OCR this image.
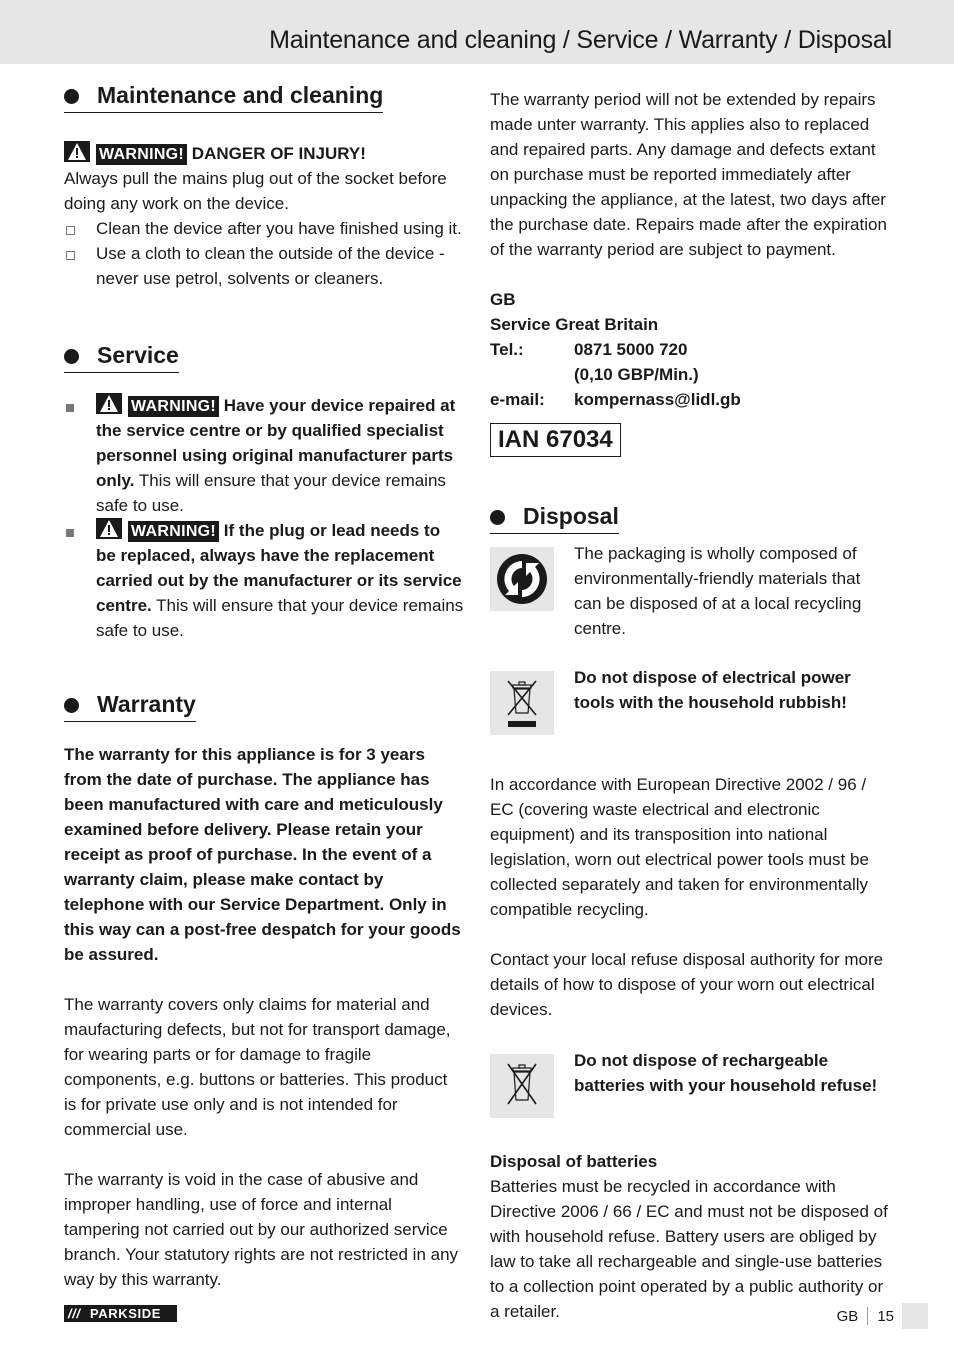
Maintenance and cleaning / Service / Warranty / Disposal
Maintenance and cleaning
WARNING! DANGER OF INJURY!

Always pull the mains plug out of the socket before doing any work on the device.

Clean the device after you have finished using it.
Use a cloth to clean the outside of the device - never use petrol, solvents or cleaners.
Service
WARNING! Have your device repaired at the service centre or by qualified specialist personnel using original manufacturer parts only. This will ensure that your device remains safe to use.
WARNING! If the plug or lead needs to be replaced, always have the replacement carried out by the manufacturer or its service centre. This will ensure that your device remains safe to use.
Warranty

The warranty for this appliance is for 3 years from the date of purchase. The appliance has been manufactured with care and meticulously examined before delivery. Please retain your receipt as proof of purchase. In the event of a warranty claim, please make contact by telephone with our Service Department. Only in this way can a post-free despatch for your goods be assured.

The warranty covers only claims for material and maufacturing defects, but not for transport damage, for wearing parts or for damage to fragile components, e.g. buttons or batteries. This product is for private use only and is not intended for commercial use.

The warranty is void in the case of abusive and improper handling, use of force and internal tampering not carried out by our authorized service branch. Your statutory rights are not restricted in any way by this warranty.

The warranty period will not be extended by repairs made unter warranty. This applies also to replaced and repaired parts. Any damage and defects extant on purchase must be reported immediately after unpacking the appliance, at the latest, two days after the purchase date. Repairs made after the expiration of the warranty period are subject to payment.

GB
Service Great Britain
Tel.:	0871 5000 720
(0,10 GBP/Min.)
e-mail:	kompernass@lidl.gb
IAN 67034
Disposal

The packaging is wholly composed of environmentally-friendly materials that can be disposed of at a local recycling centre.

Do not dispose of electrical power tools with the household rubbish!

In accordance with European Directive 2002 / 96 / EC (covering waste electrical and electronic equipment) and its transposition into national legislation, worn out electrical power tools must be collected separately and taken for environmentally compatible recycling.

Contact your local refuse disposal authority for more details of how to dispose of your worn out electrical devices.

Do not dispose of rechargeable batteries with your household refuse!

Disposal of batteries

Batteries must be recycled in accordance with Directive 2006 / 66 / EC and must not be disposed of with household refuse. Battery users are obliged by law to take all rechargeable and single-use batteries to a collection point operated by a public authority or a retailer.

/// PARKSIDE	GB 15
